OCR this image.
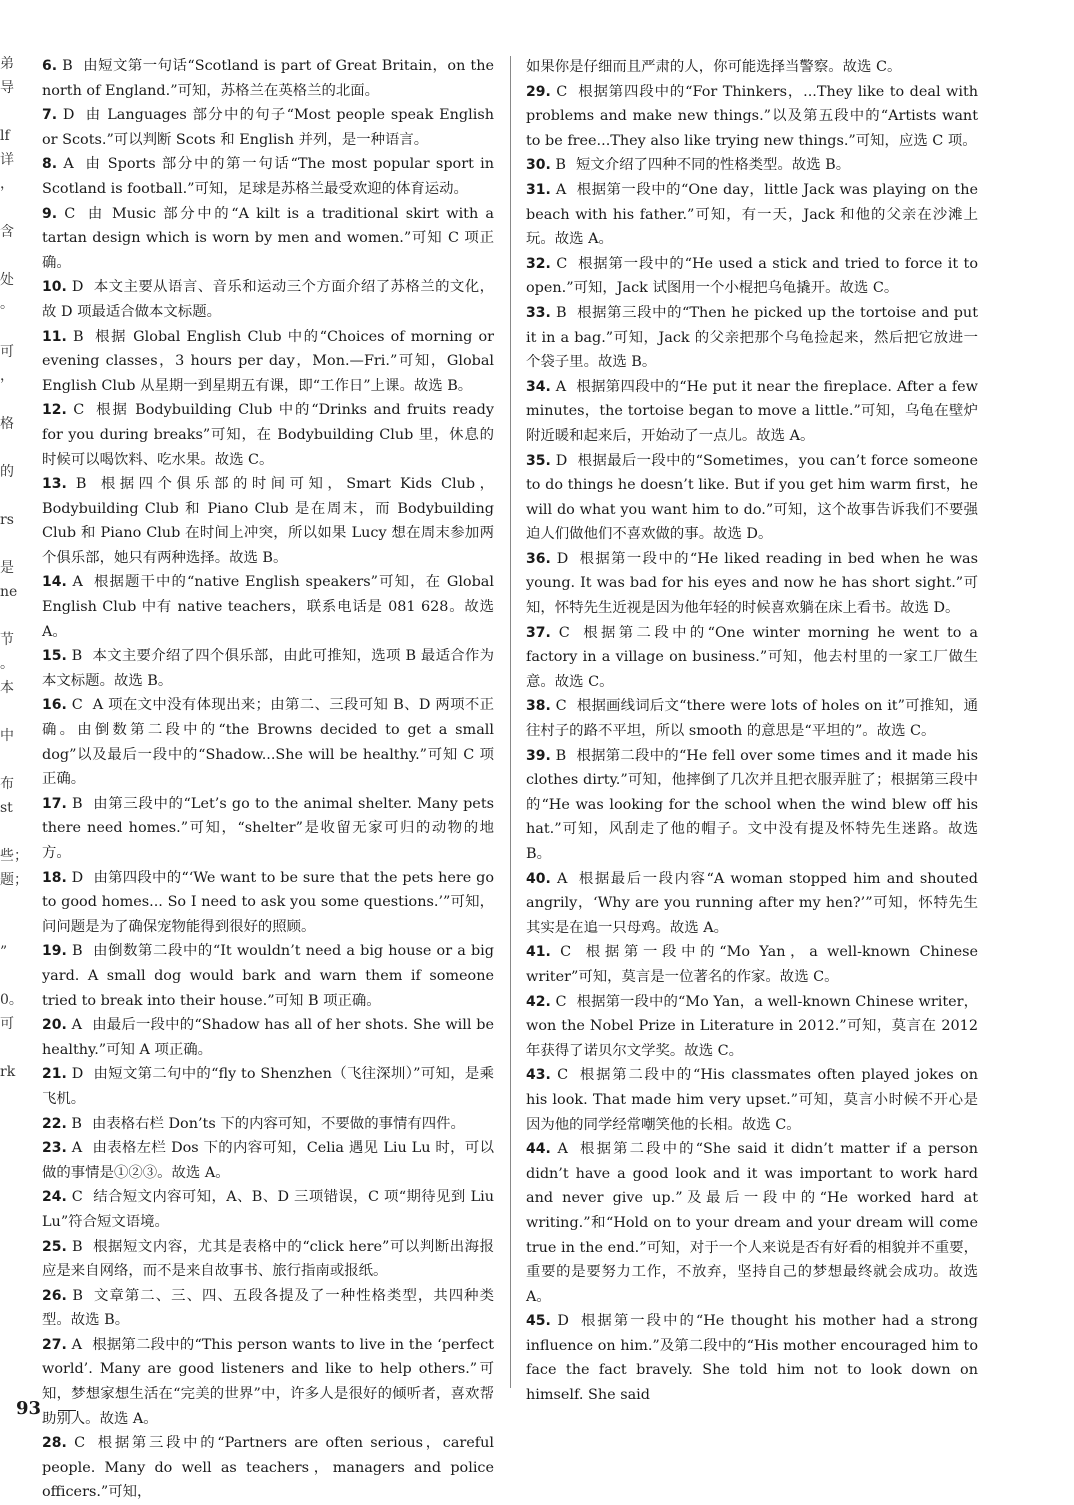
弟
导
lf
详
，
含
处
。
可
，
格
的
rs
是
ne
节
。
本
中
布
st
些；
题；
”
0。
可
rk

6. B 由短文第一句话“Scotland is part of Great Britain，on the north of England.”可知，苏格兰在英格兰的北面。

7. D 由 Languages 部分中的句子“Most people speak English or Scots.”可以判断 Scots 和 English 并列，是一种语言。

8. A 由 Sports 部分中的第一句话“The most popular sport in Scotland is football.”可知，足球是苏格兰最受欢迎的体育运动。

9. C 由 Music 部分中的“A kilt is a traditional skirt with a tartan design which is worn by men and women.”可知 C 项正确。

10. D 本文主要从语言、音乐和运动三个方面介绍了苏格兰的文化，故 D 项最适合做本文标题。

11. B 根据 Global English Club 中的“Choices of morning or evening classes，3 hours per day，Mon.—Fri.”可知，Global English Club 从星期一到星期五有课，即“工作日”上课。故选 B。

12. C 根据 Bodybuilding Club 中的“Drinks and fruits ready for you during breaks”可知，在 Bodybuilding Club 里，休息的时候可以喝饮料、吃水果。故选 C。

13. B 根据四个俱乐部的时间可知，Smart Kids Club，Bodybuilding Club 和 Piano Club 是在周末，而 Bodybuilding Club 和 Piano Club 在时间上冲突，所以如果 Lucy 想在周末参加两个俱乐部，她只有两种选择。故选 B。

14. A 根据题干中的“native English speakers”可知，在 Global English Club 中有 native teachers，联系电话是 081 628。故选 A。

15. B 本文主要介绍了四个俱乐部，由此可推知，选项 B 最适合作为本文标题。故选 B。

16. C A 项在文中没有体现出来；由第二、三段可知 B、D 两项不正确。由倒数第二段中的“the Browns decided to get a small dog”以及最后一段中的“Shadow...She will be healthy.”可知 C 项正确。

17. B 由第三段中的“Let’s go to the animal shelter. Many pets there need homes.”可知，“shelter”是收留无家可归的动物的地方。

18. D 由第四段中的“‘We want to be sure that the pets here go to good homes... So I need to ask you some questions.’”可知，问问题是为了确保宠物能得到很好的照顾。

19. B 由倒数第二段中的“It wouldn’t need a big house or a big yard. A small dog would bark and warn them if someone tried to break into their house.”可知 B 项正确。

20. A 由最后一段中的“Shadow has all of her shots. She will be healthy.”可知 A 项正确。

21. D 由短文第二句中的“fly to Shenzhen（飞往深圳）”可知，是乘飞机。

22. B 由表格右栏 Don’ts 下的内容可知，不要做的事情有四件。

23. A 由表格左栏 Dos 下的内容可知，Celia 遇见 Liu Lu 时，可以做的事情是①②③。故选 A。

24. C 结合短文内容可知，A、B、D 三项错误，C 项“期待见到 Liu Lu”符合短文语境。

25. B 根据短文内容，尤其是表格中的“click here”可以判断出海报应是来自网络，而不是来自故事书、旅行指南或报纸。

26. B 文章第二、三、四、五段各提及了一种性格类型，共四种类型。故选 B。

27. A 根据第二段中的“This person wants to live in the ‘perfect world’. Many are good listeners and like to help others.”可知，梦想家想生活在“完美的世界”中，许多人是很好的倾听者，喜欢帮助别人。故选 A。

28. C 根据第三段中的“Partners are often serious，careful people. Many do well as teachers，managers and police officers.”可知，

如果你是仔细而且严肃的人，你可能选择当警察。故选 C。

29. C 根据第四段中的“For Thinkers，...They like to deal with problems and make new things.”以及第五段中的“Artists want to be free...They also like trying new things.”可知，应选 C 项。

30. B 短文介绍了四种不同的性格类型。故选 B。

31. A 根据第一段中的“One day，little Jack was playing on the beach with his father.”可知，有一天，Jack 和他的父亲在沙滩上玩。故选 A。

32. C 根据第一段中的“He used a stick and tried to force it to open.”可知，Jack 试图用一个小棍把乌龟撬开。故选 C。

33. B 根据第三段中的“Then he picked up the tortoise and put it in a bag.”可知，Jack 的父亲把那个乌龟捡起来，然后把它放进一个袋子里。故选 B。

34. A 根据第四段中的“He put it near the fireplace. After a few minutes，the tortoise began to move a little.”可知，乌龟在壁炉附近暖和起来后，开始动了一点儿。故选 A。

35. D 根据最后一段中的“Sometimes，you can’t force someone to do things he doesn’t like. But if you get him warm first，he will do what you want him to do.”可知，这个故事告诉我们不要强迫人们做他们不喜欢做的事。故选 D。

36. D 根据第一段中的“He liked reading in bed when he was young. It was bad for his eyes and now he has short sight.”可知，怀特先生近视是因为他年轻的时候喜欢躺在床上看书。故选 D。

37. C 根据第二段中的“One winter morning he went to a factory in a village on business.”可知，他去村里的一家工厂做生意。故选 C。

38. C 根据画线词后文“there were lots of holes on it”可推知，通往村子的路不平坦，所以 smooth 的意思是“平坦的”。故选 C。

39. B 根据第二段中的“He fell over some times and it made his clothes dirty.”可知，他摔倒了几次并且把衣服弄脏了；根据第三段中的“He was looking for the school when the wind blew off his hat.”可知，风刮走了他的帽子。文中没有提及怀特先生迷路。故选 B。

40. A 根据最后一段内容“A woman stopped him and shouted angrily，‘Why are you running after my hen?’”可知，怀特先生其实是在追一只母鸡。故选 A。

41. C 根据第一段中的“Mo Yan，a well-known Chinese writer”可知，莫言是一位著名的作家。故选 C。

42. C 根据第一段中的“Mo Yan，a well-known Chinese writer，won the Nobel Prize in Literature in 2012.”可知，莫言在 2012 年获得了诺贝尔文学奖。故选 C。

43. C 根据第二段中的“His classmates often played jokes on his look. That made him very upset.”可知，莫言小时候不开心是因为他的同学经常嘲笑他的长相。故选 C。

44. A 根据第二段中的“She said it didn’t matter if a person didn’t have a good look and it was important to work hard and never give up.”及最后一段中的“He worked hard at writing.”和“Hold on to your dream and your dream will come true in the end.”可知，对于一个人来说是否有好看的相貌并不重要，重要的是要努力工作，不放弃，坚持自己的梦想最终就会成功。故选 A。

45. D 根据第一段中的“He thought his mother had a strong influence on him.”及第二段中的“His mother encouraged him to face the fact bravely. She told him not to look down on himself. She said

93
